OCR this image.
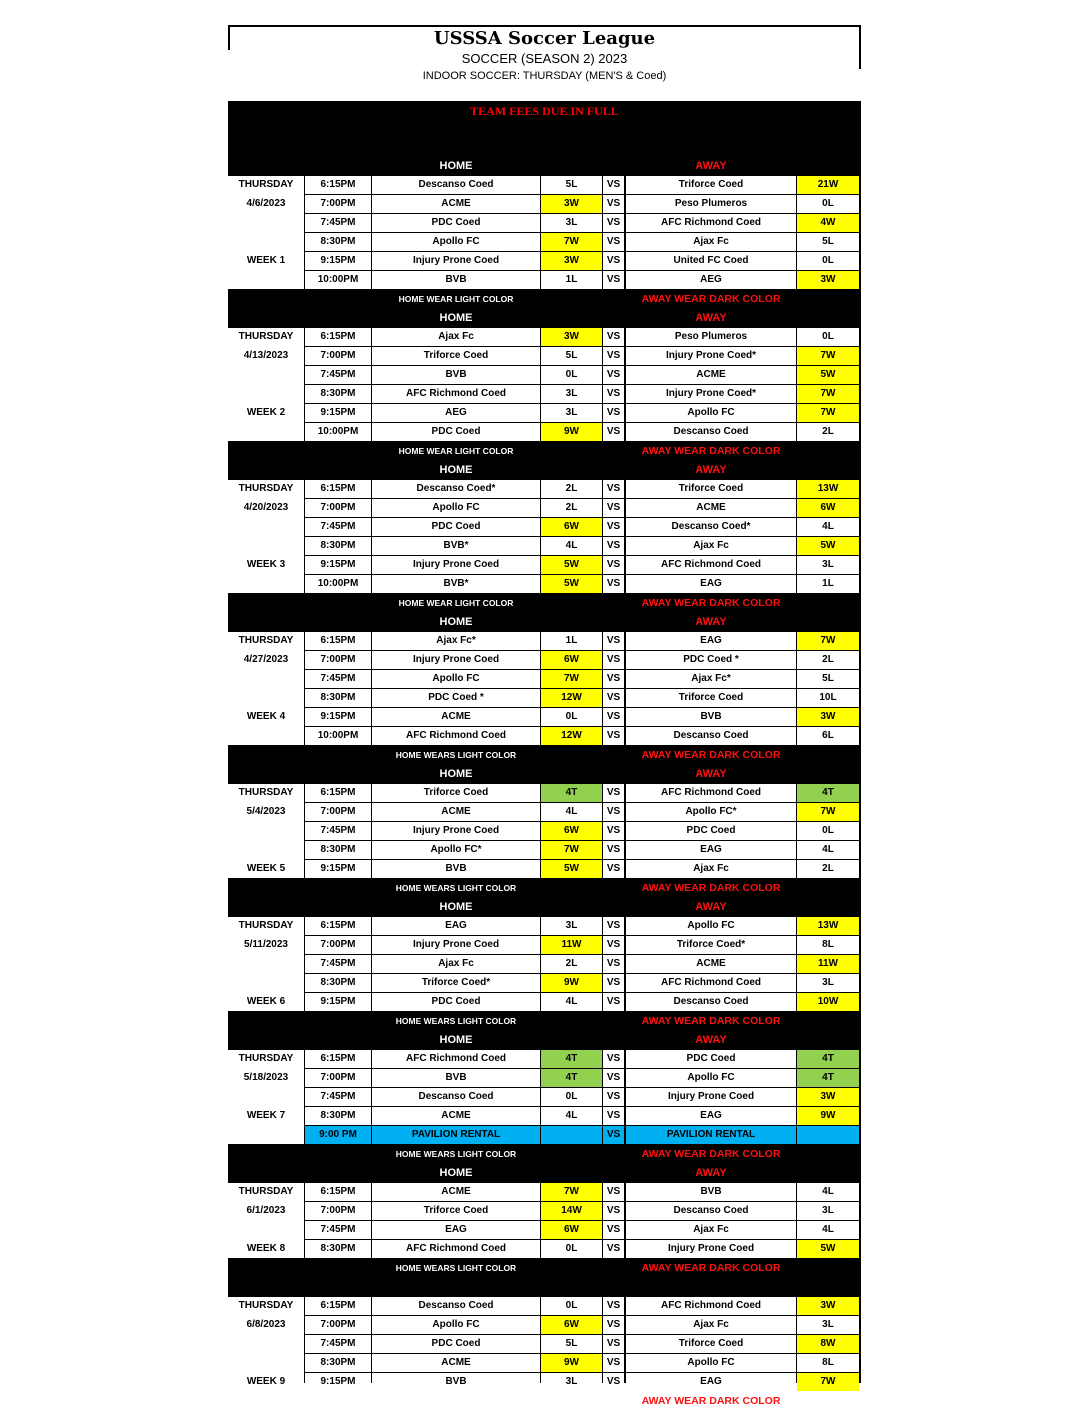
USSSA Soccer League
SOCCER (SEASON 2) 2023
INDOOR SOCCER: THURSDAY (MEN'S & Coed)
TEAM FEES DUE IN FULL
HOME	AWAY
THURSDAY
4/6/2023
WEEK 1
6:15PM	Descanso Coed	5L	VS	Triforce Coed	21W
7:00PM	ACME	3W	VS	Peso Plumeros	0L
7:45PM	PDC Coed	3L	VS	AFC Richmond Coed	4W
8:30PM	Apollo FC	7W	VS	Ajax Fc	5L
9:15PM	Injury Prone Coed	3W	VS	United FC Coed	0L
10:00PM	BVB	1L	VS	AEG	3W
HOME WEAR LIGHT COLOR	AWAY WEAR DARK COLOR
HOME	AWAY
THURSDAY
4/13/2023
WEEK 2
6:15PM	Ajax Fc	3W	VS	Peso Plumeros	0L
7:00PM	Triforce Coed	5L	VS	Injury Prone Coed*	7W
7:45PM	BVB	0L	VS	ACME	5W
8:30PM	AFC Richmond Coed	3L	VS	Injury Prone Coed*	7W
9:15PM	AEG	3L	VS	Apollo FC	7W
10:00PM	PDC Coed	9W	VS	Descanso Coed	2L
HOME WEAR LIGHT COLOR	AWAY WEAR DARK COLOR
HOME	AWAY
THURSDAY
4/20/2023
WEEK 3
6:15PM	Descanso Coed*	2L	VS	Triforce Coed	13W
7:00PM	Apollo FC	2L	VS	ACME	6W
7:45PM	PDC Coed	6W	VS	Descanso Coed*	4L
8:30PM	BVB*	4L	VS	Ajax Fc	5W
9:15PM	Injury Prone Coed	5W	VS	AFC Richmond Coed	3L
10:00PM	BVB*	5W	VS	EAG	1L
HOME WEAR LIGHT COLOR	AWAY WEAR DARK COLOR
HOME	AWAY
THURSDAY
4/27/2023
WEEK 4
6:15PM	Ajax Fc*	1L	VS	EAG	7W
7:00PM	Injury Prone Coed	6W	VS	PDC Coed *	2L
7:45PM	Apollo FC	7W	VS	Ajax Fc*	5L
8:30PM	PDC Coed *	12W	VS	Triforce Coed	10L
9:15PM	ACME	0L	VS	BVB	3W
10:00PM	AFC Richmond Coed	12W	VS	Descanso Coed	6L
HOME WEARS LIGHT COLOR	AWAY WEAR DARK COLOR
HOME	AWAY
THURSDAY
5/4/2023
WEEK 5
6:15PM	Triforce Coed	4T	VS	AFC Richmond Coed	4T
7:00PM	ACME	4L	VS	Apollo FC*	7W
7:45PM	Injury Prone Coed	6W	VS	PDC Coed	0L
8:30PM	Apollo FC*	7W	VS	EAG	4L
9:15PM	BVB	5W	VS	Ajax Fc	2L
HOME WEARS LIGHT COLOR	AWAY WEAR DARK COLOR
HOME	AWAY
THURSDAY
5/11/2023
WEEK 6
6:15PM	EAG	3L	VS	Apollo FC	13W
7:00PM	Injury Prone Coed	11W	VS	Triforce Coed*	8L
7:45PM	Ajax Fc	2L	VS	ACME	11W
8:30PM	Triforce Coed*	9W	VS	AFC Richmond Coed	3L
9:15PM	PDC Coed	4L	VS	Descanso Coed	10W
HOME WEARS LIGHT COLOR	AWAY WEAR DARK COLOR
HOME	AWAY
THURSDAY
5/18/2023
WEEK 7
6:15PM	AFC Richmond Coed	4T	VS	PDC Coed	4T
7:00PM	BVB	4T	VS	Apollo FC	4T
7:45PM	Descanso Coed	0L	VS	Injury Prone Coed	3W
8:30PM	ACME	4L	VS	EAG	9W
9:00 PM	PAVILION RENTAL	VS	PAVILION RENTAL
HOME WEARS LIGHT COLOR	AWAY WEAR DARK COLOR
HOME	AWAY
THURSDAY
6/1/2023
WEEK 8
6:15PM	ACME	7W	VS	BVB	4L
7:00PM	Triforce Coed	14W	VS	Descanso Coed	3L
7:45PM	EAG	6W	VS	Ajax Fc	4L
8:30PM	AFC Richmond Coed	0L	VS	Injury Prone Coed	5W
HOME WEARS LIGHT COLOR	AWAY WEAR DARK COLOR
THURSDAY
6/8/2023
WEEK 9
6:15PM	Descanso Coed	0L	VS	AFC Richmond Coed	3W
7:00PM	Apollo FC	6W	VS	Ajax Fc	3L
7:45PM	PDC Coed	5L	VS	Triforce Coed	8W
8:30PM	ACME	9W	VS	Apollo FC	8L
9:15PM	BVB	3L	VS	EAG	7W
HOME WEARS LIGHT COLOR	AWAY WEAR DARK COLOR
